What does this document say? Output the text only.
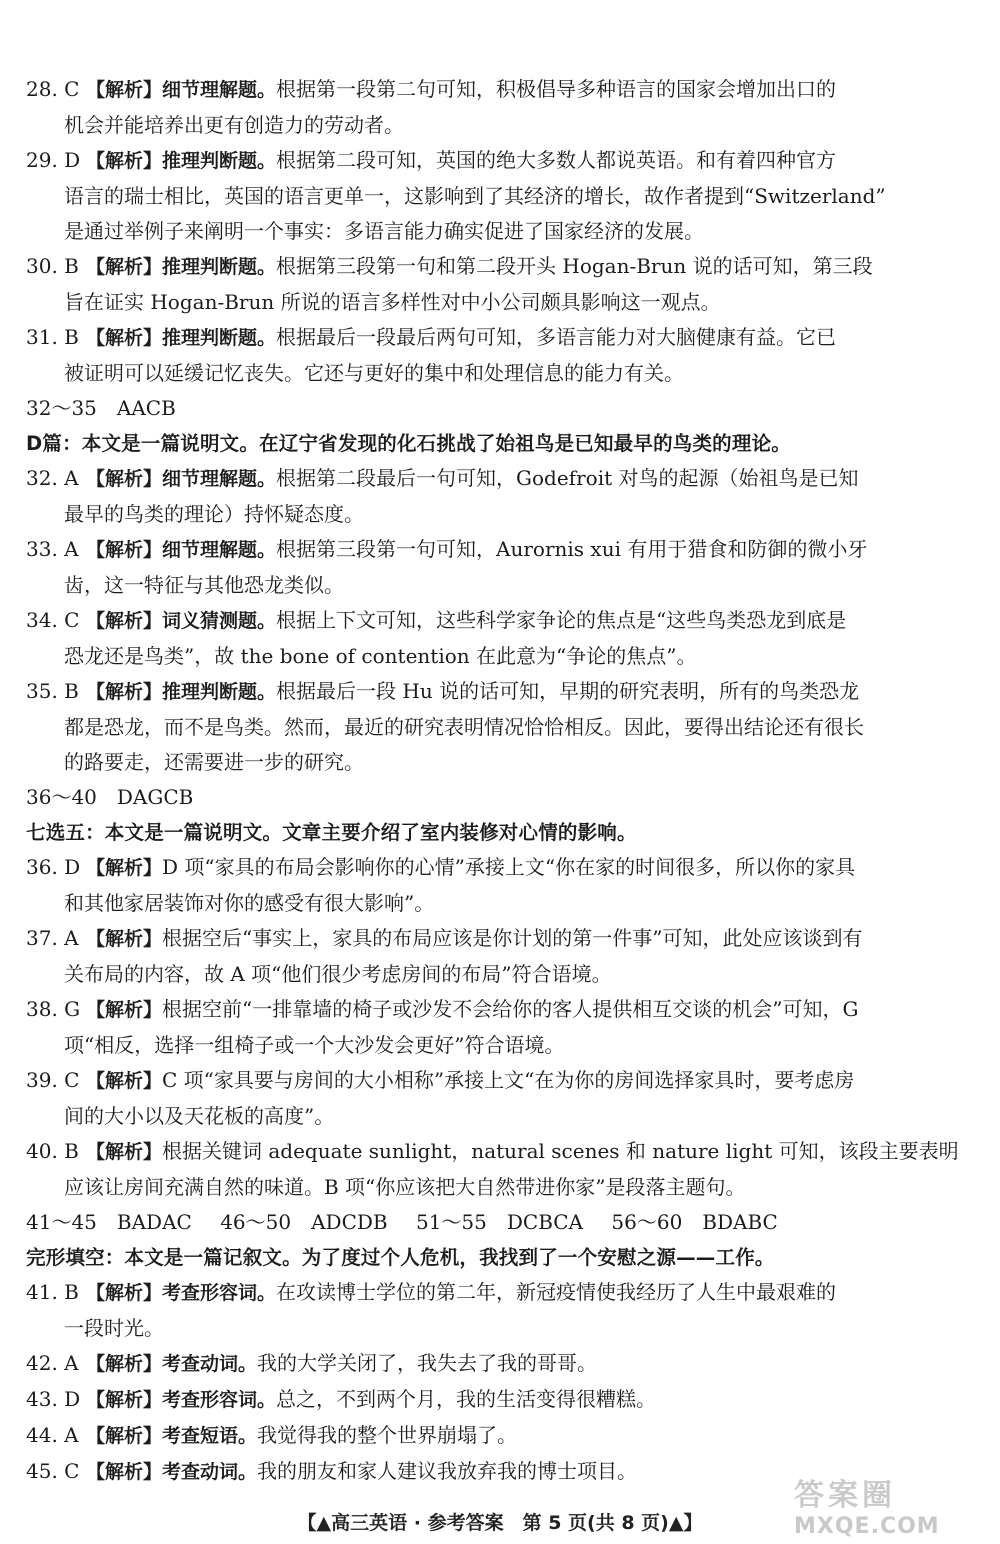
28. C 【解析】细节理解题。根据第一段第二句可知，积极倡导多种语言的国家会增加出口的
机会并能培养出更有创造力的劳动者。
29. D 【解析】推理判断题。根据第二段可知，英国的绝大多数人都说英语。和有着四种官方
语言的瑞士相比，英国的语言更单一，这影响到了其经济的增长，故作者提到“Switzerland”
是通过举例子来阐明一个事实：多语言能力确实促进了国家经济的发展。
30. B 【解析】推理判断题。根据第三段第一句和第二段开头 Hogan-Brun 说的话可知，第三段
旨在证实 Hogan-Brun 所说的语言多样性对中小公司颇具影响这一观点。
31. B 【解析】推理判断题。根据最后一段最后两句可知，多语言能力对大脑健康有益。它已
被证明可以延缓记忆丧失。它还与更好的集中和处理信息的能力有关。
32～35　AACB
D篇：本文是一篇说明文。在辽宁省发现的化石挑战了始祖鸟是已知最早的鸟类的理论。
32. A 【解析】细节理解题。根据第二段最后一句可知，Godefroit 对鸟的起源（始祖鸟是已知
最早的鸟类的理论）持怀疑态度。
33. A 【解析】细节理解题。根据第三段第一句可知，Aurornis xui 有用于猎食和防御的微小牙
齿，这一特征与其他恐龙类似。
34. C 【解析】词义猜测题。根据上下文可知，这些科学家争论的焦点是“这些鸟类恐龙到底是
恐龙还是鸟类”，故 the bone of contention 在此意为“争论的焦点”。
35. B 【解析】推理判断题。根据最后一段 Hu 说的话可知，早期的研究表明，所有的鸟类恐龙
都是恐龙，而不是鸟类。然而，最近的研究表明情况恰恰相反。因此，要得出结论还有很长
的路要走，还需要进一步的研究。
36～40　DAGCB
七选五：本文是一篇说明文。文章主要介绍了室内装修对心情的影响。
36. D 【解析】D 项“家具的布局会影响你的心情”承接上文“你在家的时间很多，所以你的家具
和其他家居装饰对你的感受有很大影响”。
37. A 【解析】根据空后“事实上，家具的布局应该是你计划的第一件事”可知，此处应该谈到有
关布局的内容，故 A 项“他们很少考虑房间的布局”符合语境。
38. G 【解析】根据空前“一排靠墙的椅子或沙发不会给你的客人提供相互交谈的机会”可知，G
项“相反，选择一组椅子或一个大沙发会更好”符合语境。
39. C 【解析】C 项“家具要与房间的大小相称”承接上文“在为你的房间选择家具时，要考虑房
间的大小以及天花板的高度”。
40. B 【解析】根据关键词 adequate sunlight，natural scenes 和 nature light 可知，该段主要表明
应该让房间充满自然的味道。B 项“你应该把大自然带进你家”是段落主题句。
41～45　BADAC 46～50　ADCDB 51～55　DCBCA 56～60　BDABC
完形填空：本文是一篇记叙文。为了度过个人危机，我找到了一个安慰之源——工作。
41. B 【解析】考查形容词。在攻读博士学位的第二年，新冠疫情使我经历了人生中最艰难的
一段时光。
42. A 【解析】考查动词。我的大学关闭了，我失去了我的哥哥。
43. D 【解析】考查形容词。总之，不到两个月，我的生活变得很糟糕。
44. A 【解析】考查短语。我觉得我的整个世界崩塌了。
45. C 【解析】考查动词。我的朋友和家人建议我放弃我的博士项目。
【▲高三英语 · 参考答案　第 5 页(共 8 页)▲】
答案圈
MXQE.COM
